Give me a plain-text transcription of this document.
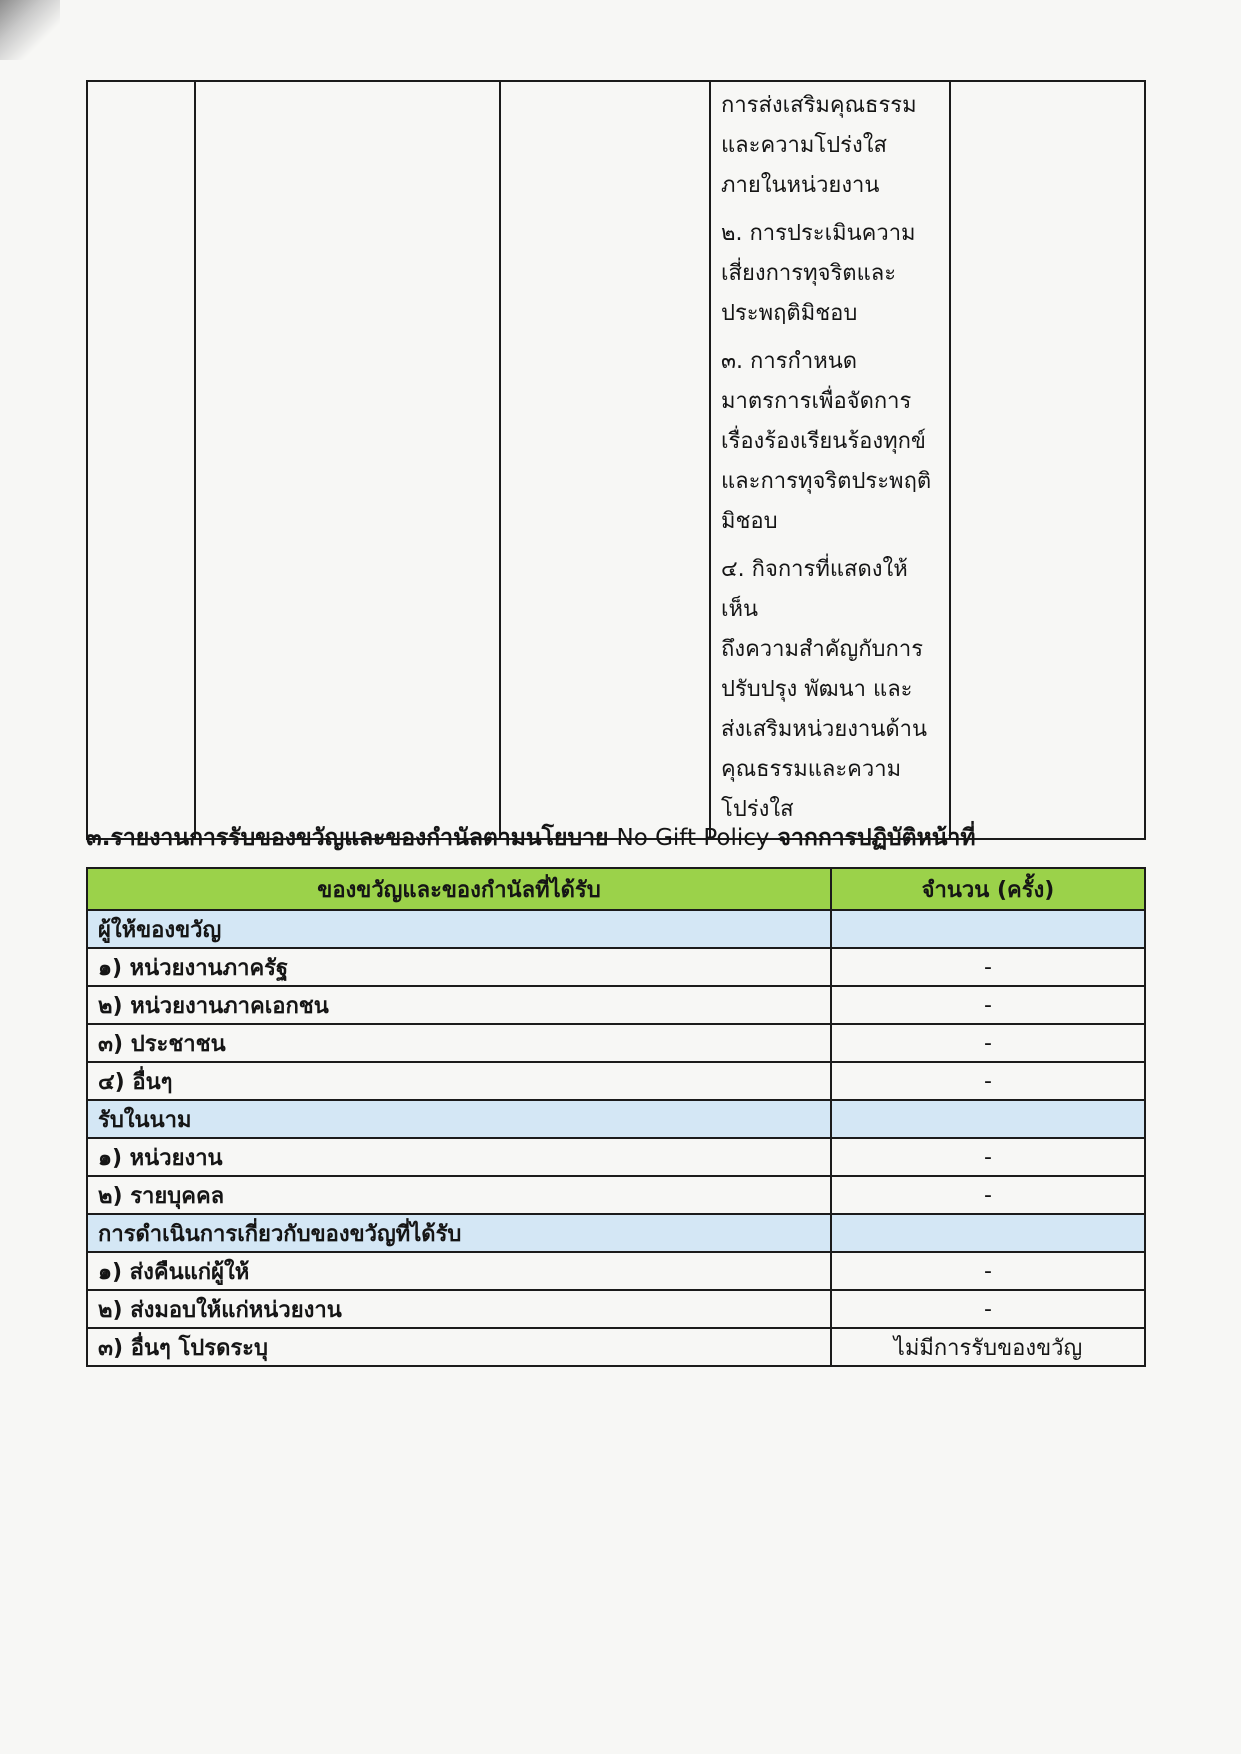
การส่งเสริมคุณธรรม
และความโปร่งใส
ภายในหน่วยงาน
๒. การประเมินความ
เสี่ยงการทุจริตและ
ประพฤติมิชอบ
๓. การกำหนด
มาตรการเพื่อจัดการ
เรื่องร้องเรียนร้องทุกข์
และการทุจริตประพฤติ
มิชอบ
๔. กิจการที่แสดงให้เห็น
ถึงความสำคัญกับการ
ปรับปรุง พัฒนา และ
ส่งเสริมหน่วยงานด้าน
คุณธรรมและความ
โปร่งใส

๓.รายงานการรับของขวัญและของกำนัลตามนโยบาย No Gift Policy จากการปฏิบัติหน้าที่
ของขวัญและของกำนัลที่ได้รับ	จำนวน (ครั้ง)
ผู้ให้ของขวัญ	
๑) หน่วยงานภาครัฐ	-
๒) หน่วยงานภาคเอกชน	-
๓) ประชาชน	-
๔) อื่นๆ	-
รับในนาม	
๑) หน่วยงาน	-
๒) รายบุคคล	-
การดำเนินการเกี่ยวกับของขวัญที่ได้รับ	
๑) ส่งคืนแก่ผู้ให้	-
๒) ส่งมอบให้แก่หน่วยงาน	-
๓) อื่นๆ โปรดระบุ	ไม่มีการรับของขวัญ
